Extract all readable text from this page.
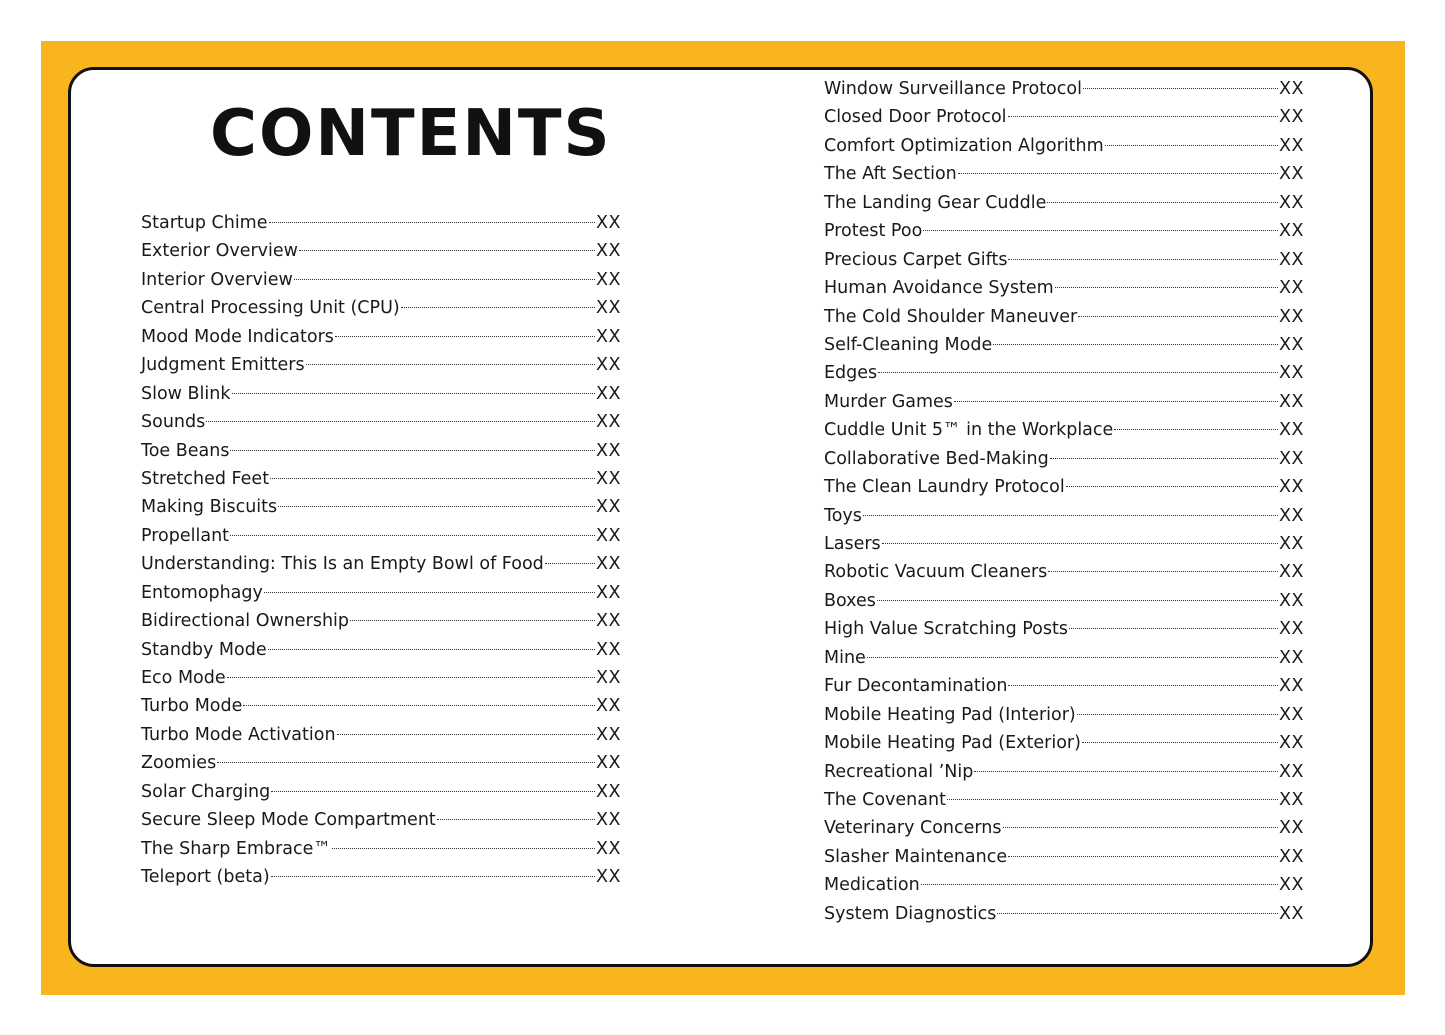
CONTENTS
Startup Chime	XX
Exterior Overview	XX
Interior Overview	XX
Central Processing Unit (CPU)	XX
Mood Mode Indicators	XX
Judgment Emitters	XX
Slow Blink	XX
Sounds	XX
Toe Beans	XX
Stretched Feet	XX
Making Biscuits	XX
Propellant	XX
Understanding: This Is an Empty Bowl of Food	XX
Entomophagy	XX
Bidirectional Ownership	XX
Standby Mode	XX
Eco Mode	XX
Turbo Mode	XX
Turbo Mode Activation	XX
Zoomies	XX
Solar Charging	XX
Secure Sleep Mode Compartment	XX
The Sharp Embrace™	XX
Teleport (beta)	XX
Window Surveillance Protocol	XX
Closed Door Protocol	XX
Comfort Optimization Algorithm	XX
The Aft Section	XX
The Landing Gear Cuddle	XX
Protest Poo	XX
Precious Carpet Gifts	XX
Human Avoidance System	XX
The Cold Shoulder Maneuver	XX
Self-Cleaning Mode	XX
Edges	XX
Murder Games	XX
Cuddle Unit 5™ in the Workplace	XX
Collaborative Bed-Making	XX
The Clean Laundry Protocol	XX
Toys	XX
Lasers	XX
Robotic Vacuum Cleaners	XX
Boxes	XX
High Value Scratching Posts	XX
Mine	XX
Fur Decontamination	XX
Mobile Heating Pad (Interior)	XX
Mobile Heating Pad (Exterior)	XX
Recreational ’Nip	XX
The Covenant	XX
Veterinary Concerns	XX
Slasher Maintenance	XX
Medication	XX
System Diagnostics	XX
